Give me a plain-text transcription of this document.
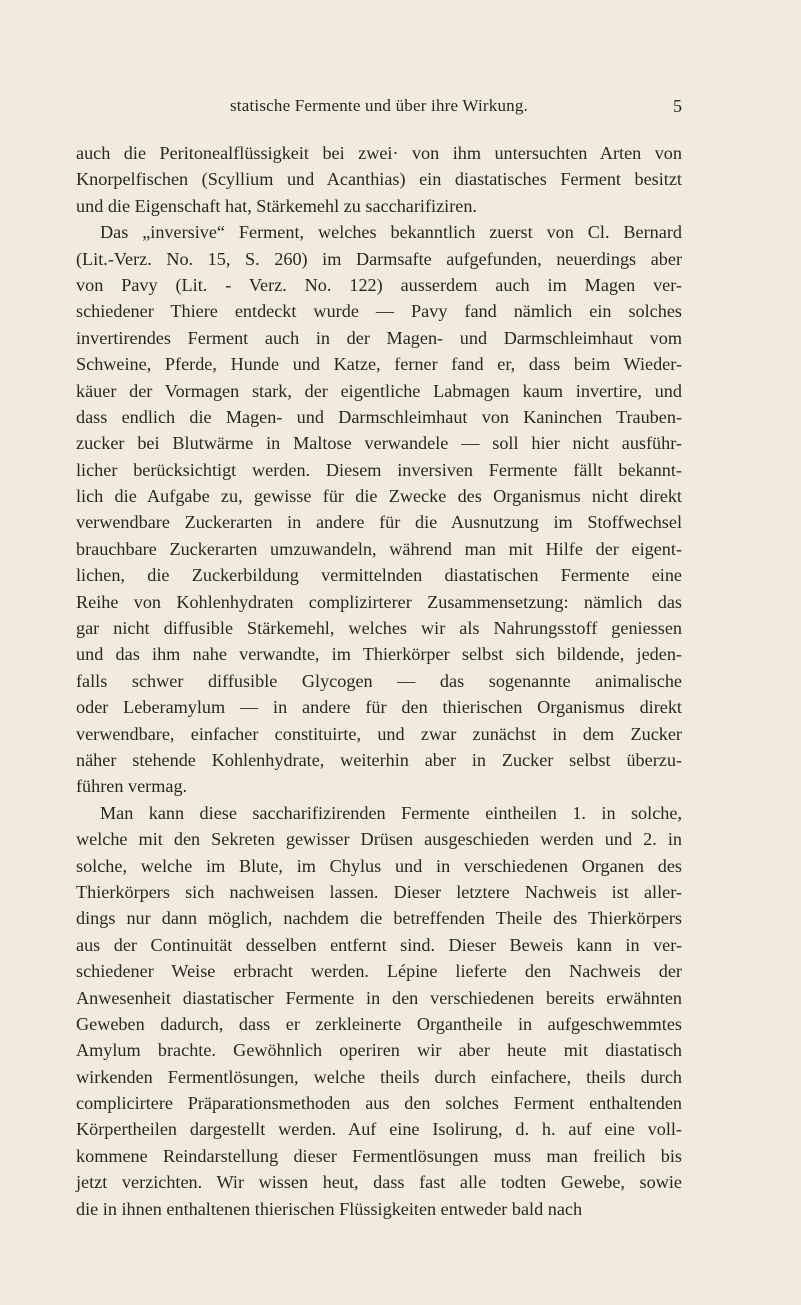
statische Fermente und über ihre Wirkung.	5
auch die Peritonealflüssigkeit bei zwei· von ihm untersuchten Arten von
Knorpelfischen (Scyllium und Acanthias) ein diastatisches Ferment besitzt
und die Eigenschaft hat, Stärkemehl zu saccharifiziren.
Das „inversive“ Ferment, welches bekanntlich zuerst von Cl. Bernard
(Lit.-Verz. No. 15, S. 260) im Darmsafte aufgefunden, neuerdings aber
von Pavy (Lit. - Verz. No. 122) ausserdem auch im Magen ver-
schiedener Thiere entdeckt wurde — Pavy fand nämlich ein solches
invertirendes Ferment auch in der Magen- und Darmschleimhaut vom
Schweine, Pferde, Hunde und Katze, ferner fand er, dass beim Wieder-
käuer der Vormagen stark, der eigentliche Labmagen kaum invertire, und
dass endlich die Magen- und Darmschleimhaut von Kaninchen Trauben-
zucker bei Blutwärme in Maltose verwandele — soll hier nicht ausführ-
licher berücksichtigt werden. Diesem inversiven Fermente fällt bekannt-
lich die Aufgabe zu, gewisse für die Zwecke des Organismus nicht direkt
verwendbare Zuckerarten in andere für die Ausnutzung im Stoffwechsel
brauchbare Zuckerarten umzuwandeln, während man mit Hilfe der eigent-
lichen, die Zuckerbildung vermittelnden diastatischen Fermente eine
Reihe von Kohlenhydraten complizirterer Zusammensetzung: nämlich das
gar nicht diffusible Stärkemehl, welches wir als Nahrungsstoff geniessen
und das ihm nahe verwandte, im Thierkörper selbst sich bildende, jeden-
falls schwer diffusible Glycogen — das sogenannte animalische
oder Leberamylum — in andere für den thierischen Organismus direkt
verwendbare, einfacher constituirte, und zwar zunächst in dem Zucker
näher stehende Kohlenhydrate, weiterhin aber in Zucker selbst überzu-
führen vermag.
Man kann diese saccharifizirenden Fermente eintheilen 1. in solche,
welche mit den Sekreten gewisser Drüsen ausgeschieden werden und 2. in
solche, welche im Blute, im Chylus und in verschiedenen Organen des
Thierkörpers sich nachweisen lassen. Dieser letztere Nachweis ist aller-
dings nur dann möglich, nachdem die betreffenden Theile des Thierkörpers
aus der Continuität desselben entfernt sind. Dieser Beweis kann in ver-
schiedener Weise erbracht werden. Lépine lieferte den Nachweis der
Anwesenheit diastatischer Fermente in den verschiedenen bereits erwähnten
Geweben dadurch, dass er zerkleinerte Organtheile in aufgeschwemmtes
Amylum brachte. Gewöhnlich operiren wir aber heute mit diastatisch
wirkenden Fermentlösungen, welche theils durch einfachere, theils durch
complicirtere Präparationsmethoden aus den solches Ferment enthaltenden
Körpertheilen dargestellt werden. Auf eine Isolirung, d. h. auf eine voll-
kommene Reindarstellung dieser Fermentlösungen muss man freilich bis
jetzt verzichten. Wir wissen heut, dass fast alle todten Gewebe, sowie
die in ihnen enthaltenen thierischen Flüssigkeiten entweder bald nach
